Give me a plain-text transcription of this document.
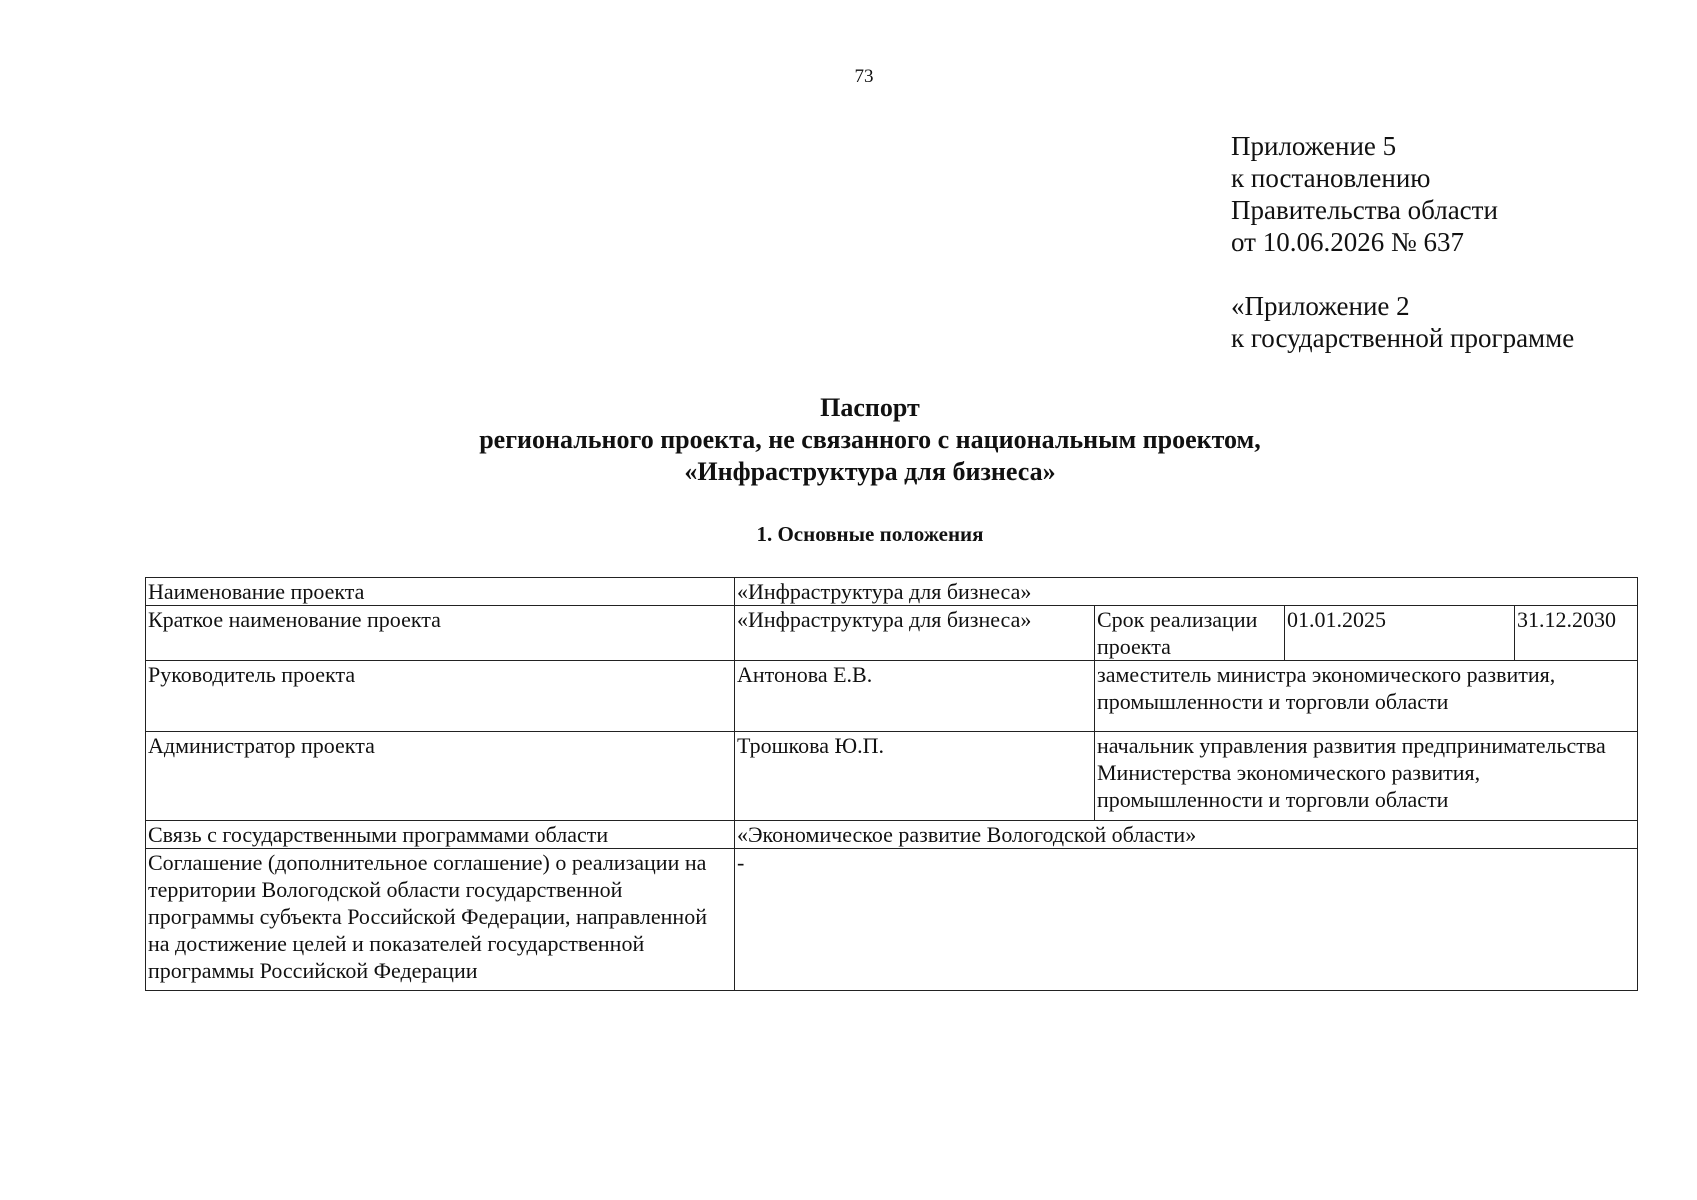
73
Приложение 5
к постановлению
Правительства области
от 10.06.2026 № 637
«Приложение 2
к государственной программе
Паспорт
регионального проекта, не связанного с национальным проектом,
«Инфраструктура для бизнеса»
1. Основные положения
Наименование проекта	«Инфраструктура для бизнеса»			
Краткое наименование проекта	«Инфраструктура для бизнеса»	Срок реализации проекта	01.01.2025	31.12.2030
Руководитель проекта	Антонова Е.В.	заместитель министра экономического развития, промышленности и торговли области		
Администратор проекта	Трошкова Ю.П.	начальник управления развития предпринимательства Министерства экономического развития, промышленности и торговли области		
Связь с государственными программами области	«Экономическое развитие Вологодской области»			
Соглашение (дополнительное соглашение) о реализации на территории Вологодской области государственной программы субъекта Российской Федерации, направленной на достижение целей и показателей государственной программы Российской Федерации	-			
